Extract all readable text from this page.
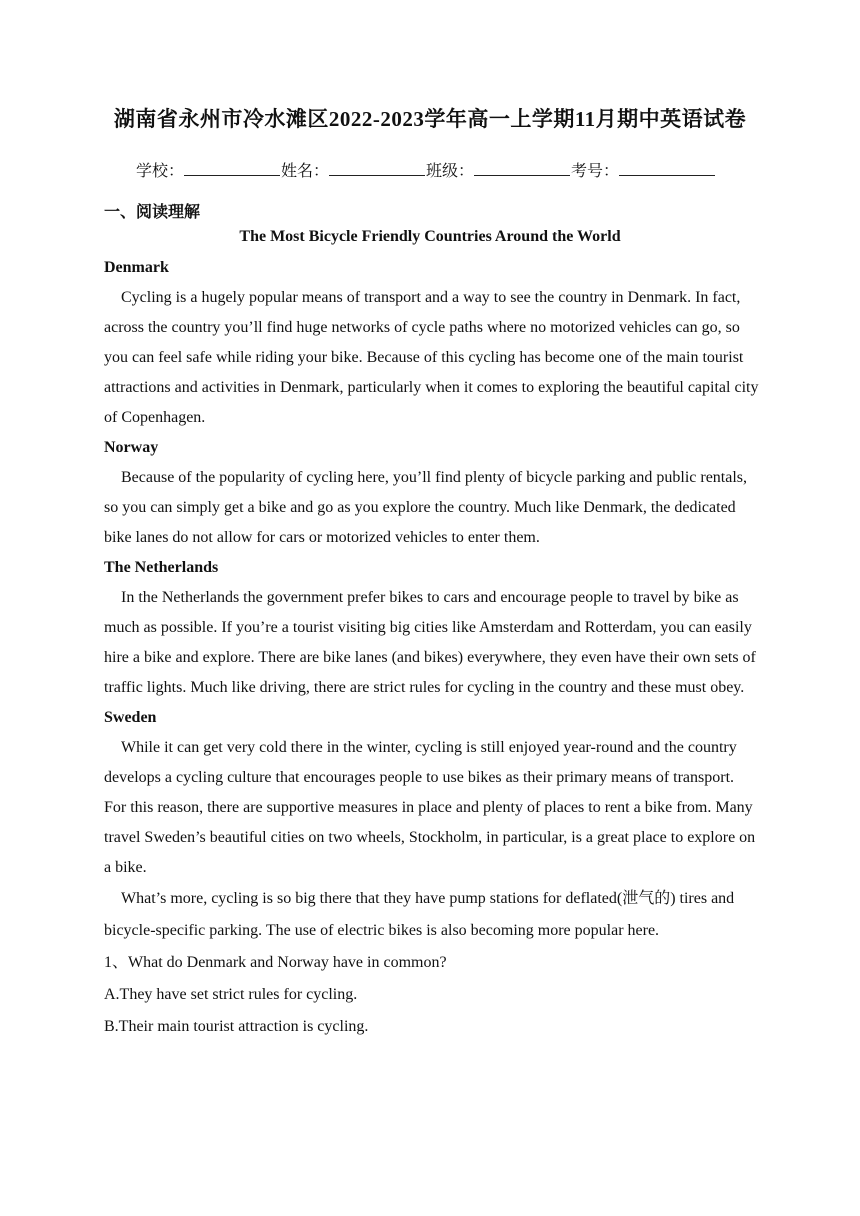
湖南省永州市冷水滩区2022-2023学年高一上学期11月期中英语试卷
学校：	姓名：	班级：	考号：
一、阅读理解
The Most Bicycle Friendly Countries Around the World

Denmark

Cycling is a hugely popular means of transport and a way to see the country in Denmark. In fact, across the country you’ll find huge networks of cycle paths where no motorized vehicles can go, so you can feel safe while riding your bike. Because of this cycling has become one of the main tourist attractions and activities in Denmark, particularly when it comes to exploring the beautiful capital city of Copenhagen.

Norway

Because of the popularity of cycling here, you’ll find plenty of bicycle parking and public rentals, so you can simply get a bike and go as you explore the country. Much like Denmark, the dedicated bike lanes do not allow for cars or motorized vehicles to enter them.

The Netherlands

In the Netherlands the government prefer bikes to cars and encourage people to travel by bike as much as possible. If you’re a tourist visiting big cities like Amsterdam and Rotterdam, you can easily hire a bike and explore. There are bike lanes (and bikes) everywhere, they even have their own sets of traffic lights. Much like driving, there are strict rules for cycling in the country and these must obey.

Sweden

While it can get very cold there in the winter, cycling is still enjoyed year-round and the country develops a cycling culture that encourages people to use bikes as their primary means of transport. For this reason, there are supportive measures in place and plenty of places to rent a bike from. Many travel Sweden’s beautiful cities on two wheels, Stockholm, in particular, is a great place to explore on a bike.

What’s more, cycling is so big there that they have pump stations for deflated(泄气的) tires and bicycle-specific parking. The use of electric bikes is also becoming more popular here.

1、What do Denmark and Norway have in common?

A.They have set strict rules for cycling.

B.Their main tourist attraction is cycling.
